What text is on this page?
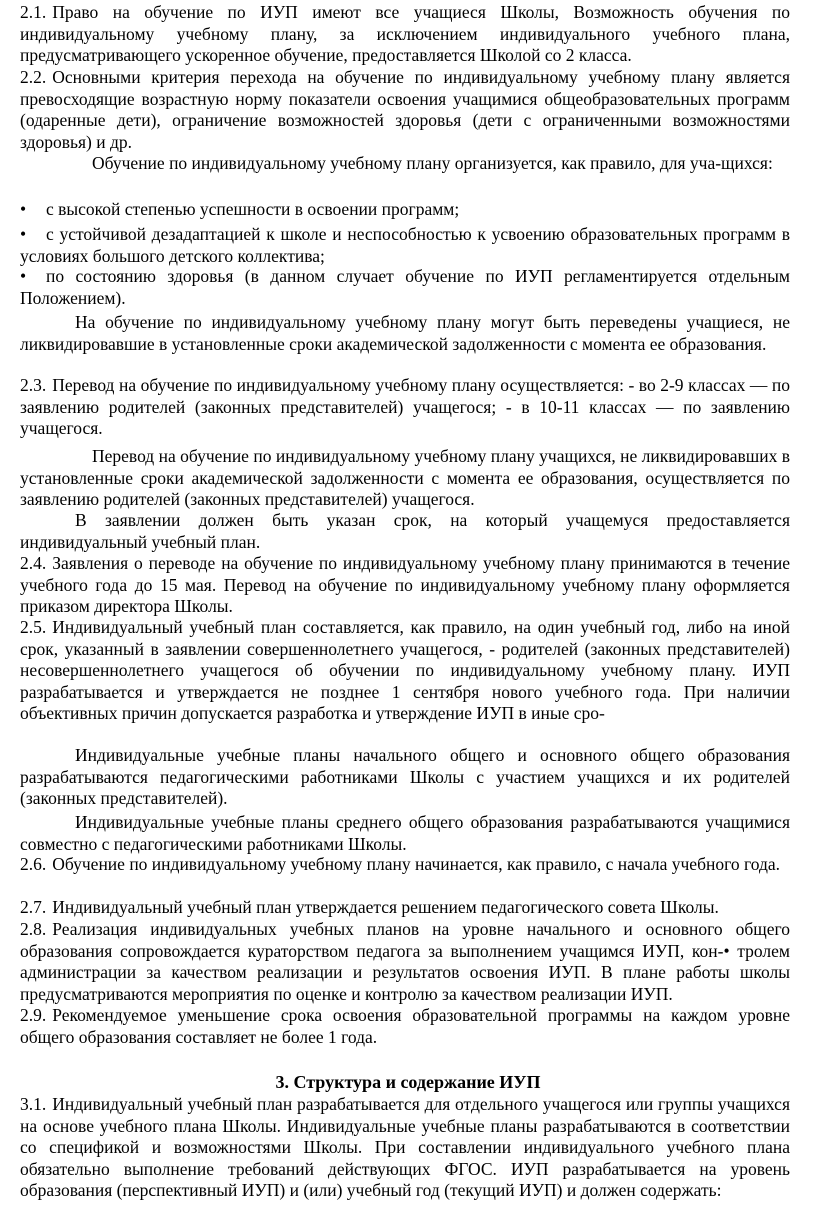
2.1. Право на обучение по ИУП имеют все учащиеся Школы, Возможность обучения по индивидуальному учебному плану, за исключением индивидуального учебного плана, предусматривающего ускоренное обучение, предоставляется Школой со 2 класса.

2.2. Основными критерия перехода на обучение по индивидуальному учебному плану является превосходящие возрастную норму показатели освоения учащимися общеобразовательных программ (одаренные дети), ограничение возможностей здоровья (дети с ограниченными возможностями здоровья) и др.

Обучение по индивидуальному учебному плану организуется, как правило, для уча-щихся:

• с высокой степенью успешности в освоении программ;

• с устойчивой дезадаптацией к школе и неспособностью к усвоению образовательных программ в условиях большого детского коллектива;

• по состоянию здоровья (в данном случает обучение по ИУП регламентируется отдельным Положением).

На обучение по индивидуальному учебному плану могут быть переведены учащиеся, не ликвидировавшие в установленные сроки академической задолженности с момента ее образования.

2.3. Перевод на обучение по индивидуальному учебному плану осуществляется: - во 2-9 классах — по заявлению родителей (законных представителей) учащегося; - в 10-11 классах — по заявлению учащегося.

Перевод на обучение по индивидуальному учебному плану учащихся, не ликвидировавших в установленные сроки академической задолженности с момента ее образования, осуществляется по заявлению родителей (законных представителей) учащегося.

В заявлении должен быть указан срок, на который учащемуся предоставляется индивидуальный учебный план.

2.4. Заявления о переводе на обучение по индивидуальному учебному плану принимаются в течение учебного года до 15 мая. Перевод на обучение по индивидуальному учебному плану оформляется приказом директора Школы.

2.5. Индивидуальный учебный план составляется, как правило, на один учебный год, либо на иной срок, указанный в заявлении совершеннолетнего учащегося, - родителей (законных представителей) несовершеннолетнего учащегося об обучении по индивидуальному учебному плану. ИУП разрабатывается и утверждается не позднее 1 сентября нового учебного года. При наличии объективных причин допускается разработка и утверждение ИУП в иные сро-

Индивидуальные учебные планы начального общего и основного общего образования разрабатываются педагогическими работниками Школы с участием учащихся и их родителей (законных представителей).

Индивидуальные учебные планы среднего общего образования разрабатываются учащимися совместно с педагогическими работниками Школы.

2.6. Обучение по индивидуальному учебному плану начинается, как правило, с начала учебного года.

2.7. Индивидуальный учебный план утверждается решением педагогического совета Школы.

2.8. Реализация индивидуальных учебных планов на уровне начального и основного общего образования сопровождается кураторством педагога за выполнением учащимся ИУП, кон-• тролем администрации за качеством реализации и результатов освоения ИУП. В плане работы школы предусматриваются мероприятия по оценке и контролю за качеством реализации ИУП.

2.9. Рекомендуемое уменьшение срока освоения образовательной программы на каждом уровне общего образования составляет не более 1 года.

3. Структура и содержание ИУП

3.1. Индивидуальный учебный план разрабатывается для отдельного учащегося или группы учащихся на основе учебного плана Школы. Индивидуальные учебные планы разрабатываются в соответствии со спецификой и возможностями Школы. При составлении индивидуального учебного плана обязательно выполнение требований действующих ФГОС. ИУП разрабатывается на уровень образования (перспективный ИУП) и (или) учебный год (текущий ИУП) и должен содержать:
